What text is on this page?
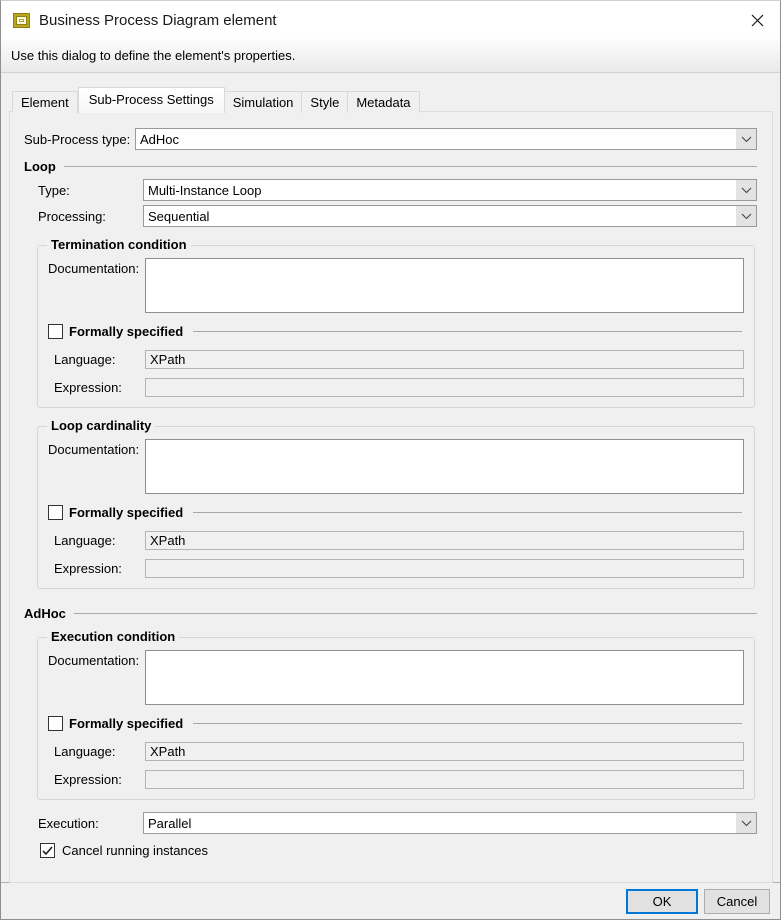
Business Process Diagram element
Use this dialog to define the element's properties.
Element	Sub-Process Settings	Simulation	Style	Metadata
Sub-Process type: AdHoc
Loop
Type:	Multi-Instance Loop
Processing:	Sequential
Termination condition
Documentation:
Formally specified
Language:	XPath
Expression:
Loop cardinality
Documentation:
Formally specified
Language:	XPath
Expression:
AdHoc
Execution condition
Documentation:
Formally specified
Language:	XPath
Expression:
Execution:	Parallel
Cancel running instances
OK	Cancel
